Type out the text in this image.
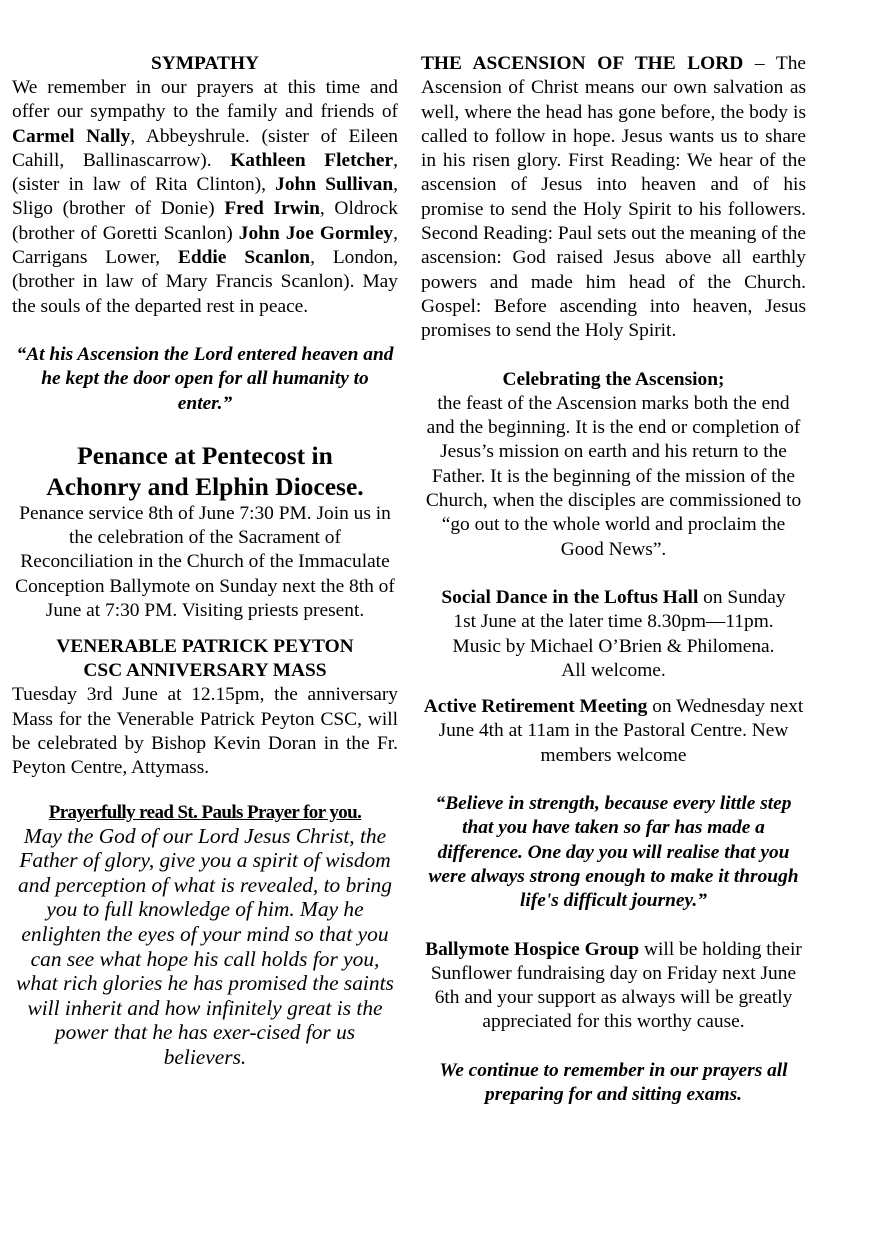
SYMPATHY

We remember in our prayers at this time and offer our sympathy to the family and friends of Carmel Nally, Abbeyshrule. (sister of Eileen Cahill, Ballinascarrow). Kathleen Fletcher, (sister in law of Rita Clinton), John Sullivan, Sligo (brother of Donie) Fred Irwin, Oldrock (brother of Goretti Scanlon) John Joe Gormley, Carrigans Lower, Eddie Scanlon, London, (brother in law of Mary Francis Scanlon). May the souls of the departed rest in peace.

“At his Ascension the Lord entered heaven and he kept the door open for all humanity to enter.”

Penance at Pentecost in

Achonry and Elphin Diocese.

Penance service 8th of June 7:30 PM. Join us in the celebration of the Sacrament of Reconciliation in the Church of the Immaculate Conception Ballymote on Sunday next the 8th of June at 7:30 PM. Visiting priests present.

VENERABLE PATRICK PEYTON

CSC ANNIVERSARY MASS

Tuesday 3rd June at 12.15pm, the anniversary Mass for the Venerable Patrick Peyton CSC, will be celebrated by Bishop Kevin Doran in the Fr. Peyton Centre, Attymass.

Prayerfully read St. Pauls Prayer for you.

May the God of our Lord Jesus Christ, the Father of glory, give you a spirit of wisdom and perception of what is revealed, to bring you to full knowledge of him. May he enlighten the eyes of your mind so that you can see what hope his call holds for you, what rich glories he has promised the saints will inherit and how infinitely great is the power that he has exer-cised for us believers.

THE ASCENSION OF THE LORD – The Ascension of Christ means our own salvation as well, where the head has gone before, the body is called to follow in hope. Jesus wants us to share in his risen glory. First Reading: We hear of the ascension of Jesus into heaven and of his promise to send the Holy Spirit to his followers. Second Reading: Paul sets out the meaning of the ascension: God raised Jesus above all earthly powers and made him head of the Church. Gospel: Before ascending into heaven, Jesus promises to send the Holy Spirit.

Celebrating the Ascension;

the feast of the Ascension marks both the end and the beginning. It is the end or completion of Jesus’s mission on earth and his return to the Father. It is the beginning of the mission of the Church, when the disciples are commissioned to “go out to the whole world and proclaim the Good News”.

Social Dance in the Loftus Hall on Sunday 1st June at the later time 8.30pm—11pm. Music by Michael O’Brien & Philomena. All welcome.

Active Retirement Meeting on Wednesday next June 4th at 11am in the Pastoral Centre. New members welcome

“Believe in strength, because every little step that you have taken so far has made a difference. One day you will realise that you were always strong enough to make it through life's difficult journey.”

Ballymote Hospice Group will be holding their Sunflower fundraising day on Friday next June 6th and your support as always will be greatly appreciated for this worthy cause.

We continue to remember in our prayers all preparing for and sitting exams.
